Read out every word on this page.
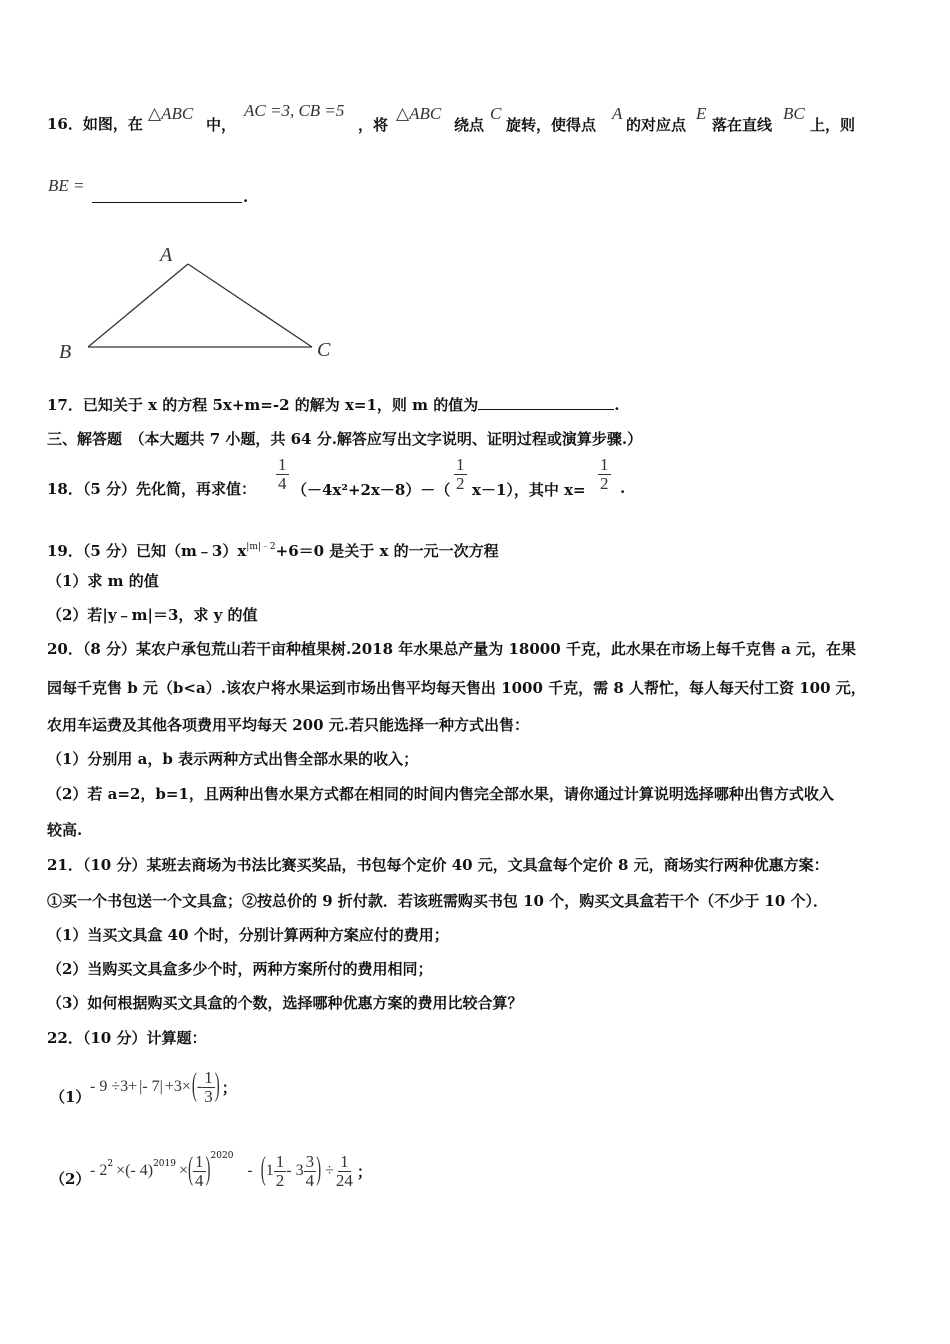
16．如图，在
△ABC
中，
AC =3, CB =5
，将
△ABC
绕点
C
旋转，使得点
A
的对应点
E
落在直线
BC
上，则
BE =
.
A
B	C
17．已知关于 x 的方程 5x+m=-2 的解为 x=1，则 m 的值为	.
三、解答题　（本大题共 7 小题，共 64 分.解答应写出文字说明、证明过程或演算步骤.）
18．（5 分）先化简，再求值： $\frac{1}{4} (-4x^2+2x-8)-( \frac{1}{2} x-1)$，其中 $x= \frac{1}{2}$ .
19．（5 分）已知$(m﹣3)x^{|m|﹣2}+6=0$ 是关于 x 的一元一次方程
（1）求 m 的值
（2）若|y﹣m|＝3，求 y 的值
20．（8 分）某农户承包荒山若干亩种植果树.2018 年水果总产量为 18000 千克，此水果在市场上每千克售 a 元，在果
园每千克售 b 元（b<a）.该农户将水果运到市场出售平均每天售出 1000 千克，需 8 人帮忙，每人每天付工资 100 元，
农用车运费及其他各项费用平均每天 200 元.若只能选择一种方式出售：
（1）分别用 a，b 表示两种方式出售全部水果的收入；
（2）若 a=2，b=1，且两种出售水果方式都在相同的时间内售完全部水果，请你通过计算说明选择哪种出售方式收入
较高.
21．（10 分）某班去商场为书法比赛买奖品，书包每个定价 40 元，文具盒每个定价 8 元，商场实行两种优惠方案：
①买一个书包送一个文具盒；②按总价的 9 折付款．若该班需购买书包 10 个，购买文具盒若干个（不少于 10 个）．
（1）当买文具盒 40 个时，分别计算两种方案应付的费用；
（2）当购买文具盒多少个时，两种方案所付的费用相同；
（3）如何根据购买文具盒的个数，选择哪种优惠方案的费用比较合算？
22．（10 分）计算题：
（1）
- 9 ÷3+ |- 7| +3× ( - $\frac{1}{3}$ ) ；
（2） - 2 2 ×(- 4) 2019 × ( $\frac{1}{4}$ ) 2020
- ( $1 \frac{1}{2} - 3 \frac{3}{4}$ ) ÷ $\frac{1}{24}$ ；
